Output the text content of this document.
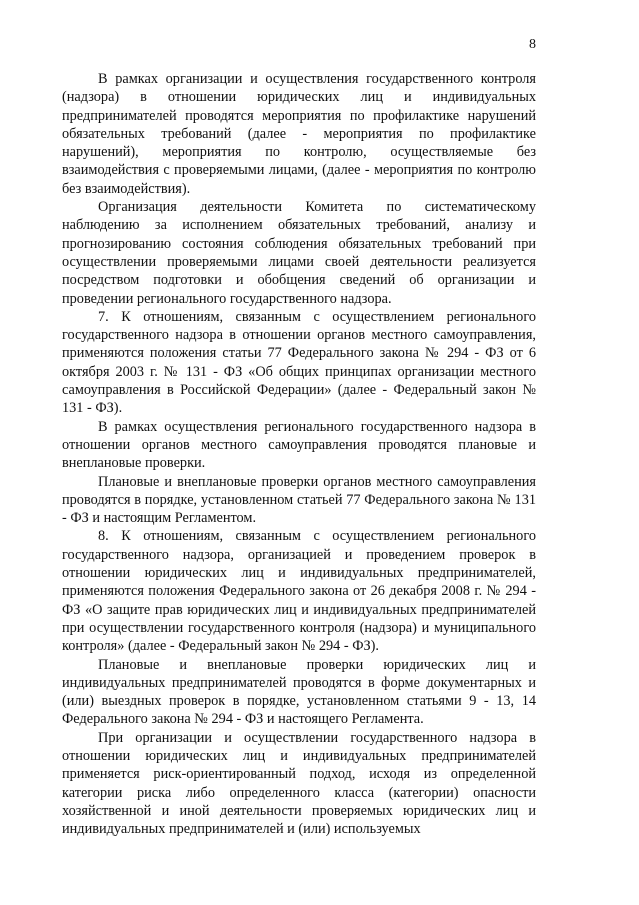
8

В рамках организации и осуществления государственного контроля (надзора) в отношении юридических лиц и индивидуальных предпринимателей проводятся мероприятия по профилактике нарушений обязательных требований (далее - мероприятия по профилактике нарушений), мероприятия по контролю, осуществляемые без взаимодействия с проверяемыми лицами, (далее - мероприятия по контролю без взаимодействия).

Организация деятельности Комитета по систематическому наблюдению за исполнением обязательных требований, анализу и прогнозированию состояния соблюдения обязательных требований при осуществлении проверяемыми лицами своей деятельности реализуется посредством подготовки и обобщения сведений об организации и проведении регионального государственного надзора.

7. К отношениям, связанным с осуществлением регионального государственного надзора в отношении органов местного самоуправления, применяются положения статьи 77 Федерального закона № 294 - ФЗ от 6 октября 2003 г. № 131 - ФЗ «Об общих принципах организации местного самоуправления в Российской Федерации» (далее - Федеральный закон № 131 - ФЗ).

В рамках осуществления регионального государственного надзора в отношении органов местного самоуправления проводятся плановые и внеплановые проверки.

Плановые и внеплановые проверки органов местного самоуправления проводятся в порядке, установленном статьей 77 Федерального закона № 131 - ФЗ и настоящим Регламентом.

8. К отношениям, связанным с осуществлением регионального государственного надзора, организацией и проведением проверок в отношении юридических лиц и индивидуальных предпринимателей, применяются положения Федерального закона от 26 декабря 2008 г. № 294 - ФЗ «О защите прав юридических лиц и индивидуальных предпринимателей при осуществлении государственного контроля (надзора) и муниципального контроля» (далее - Федеральный закон № 294 - ФЗ).

Плановые и внеплановые проверки юридических лиц и индивидуальных предпринимателей проводятся в форме документарных и (или) выездных проверок в порядке, установленном статьями 9 - 13, 14 Федерального закона № 294 - ФЗ и настоящего Регламента.

При организации и осуществлении государственного надзора в отношении юридических лиц и индивидуальных предпринимателей применяется риск-ориентированный подход, исходя из определенной категории риска либо определенного класса (категории) опасности хозяйственной и иной деятельности проверяемых юридических лиц и индивидуальных предпринимателей и (или) используемых
